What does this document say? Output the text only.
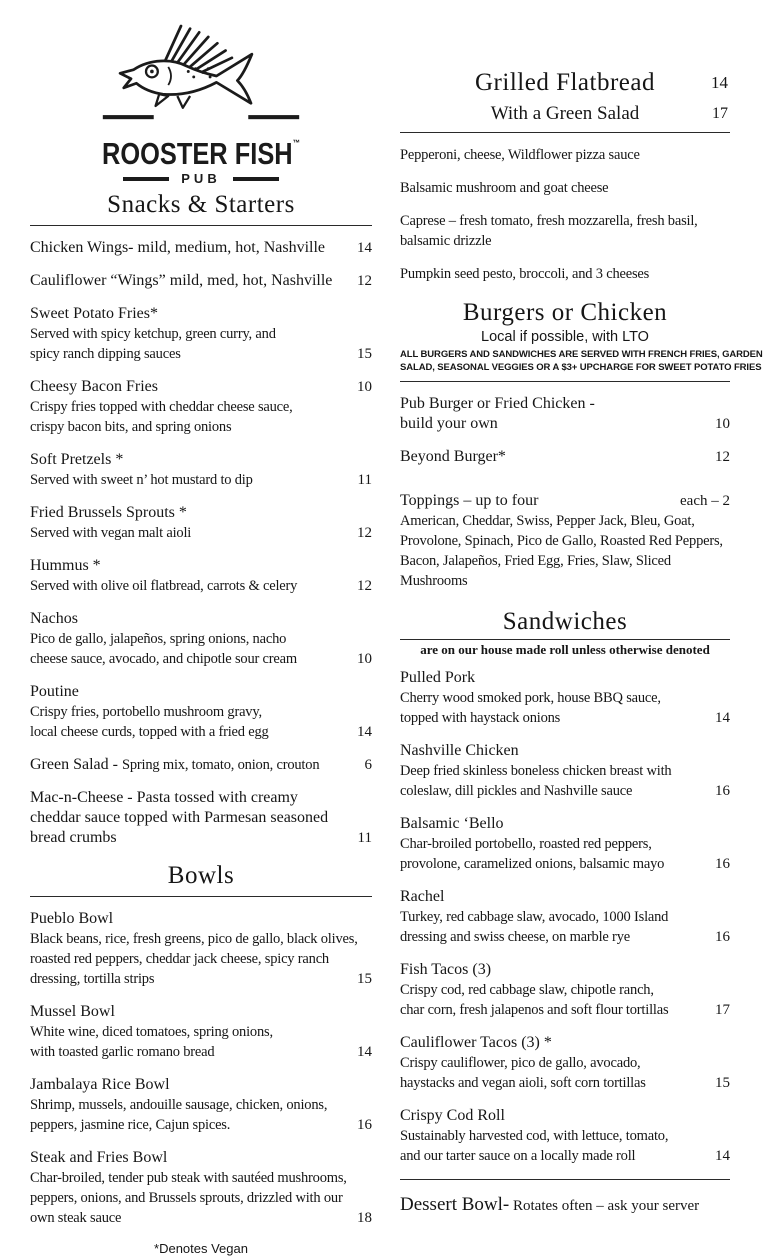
ROOSTER FISH™
PUB
Snacks & Starters
Chicken Wings- mild, medium, hot, Nashville	14
Cauliflower “Wings” mild, med, hot, Nashville	12
Sweet Potato Fries*
Served with spicy ketchup, green curry, and
spicy ranch dipping sauces	15
Cheesy Bacon Fries	10
Crispy fries topped with cheddar cheese sauce,
crispy bacon bits, and spring onions
Soft Pretzels *
Served with sweet n’ hot mustard to dip	11
Fried Brussels Sprouts *
Served with vegan malt aioli	12
Hummus *
Served with olive oil flatbread, carrots & celery	12
Nachos
Pico de gallo, jalapeños, spring onions, nacho
cheese sauce, avocado, and chipotle sour cream	10
Poutine
Crispy fries, portobello mushroom gravy,
local cheese curds, topped with a fried egg	14
Green Salad - Spring mix, tomato, onion, crouton	6
Mac-n-Cheese - Pasta tossed with creamy
cheddar sauce topped with Parmesan seasoned
bread crumbs	11
Bowls
Pueblo Bowl
Black beans, rice, fresh greens, pico de gallo, black olives,
roasted red peppers, cheddar jack cheese, spicy ranch
dressing, tortilla strips	15
Mussel Bowl
White wine, diced tomatoes, spring onions,
with toasted garlic romano bread	14
Jambalaya Rice Bowl
Shrimp, mussels, andouille sausage, chicken, onions,
peppers, jasmine rice, Cajun spices.	16
Steak and Fries Bowl
Char-broiled, tender pub steak with sautéed mushrooms,
peppers, onions, and Brussels sprouts, drizzled with our
own steak sauce	18
*Denotes Vegan
Grilled Flatbread	14
With a Green Salad	17
Pepperoni, cheese, Wildflower pizza sauce
Balsamic mushroom and goat cheese
Caprese – fresh tomato, fresh mozzarella, fresh basil,
balsamic drizzle
Pumpkin seed pesto, broccoli, and 3 cheeses
Burgers or Chicken
Local if possible, with LTO
ALL BURGERS AND SANDWICHES ARE SERVED WITH FRENCH FRIES, GARDEN
SALAD, SEASONAL VEGGIES OR A $3+ UPCHARGE FOR SWEET POTATO FRIES
Pub Burger or Fried Chicken -
build your own	10
Beyond Burger*	12
Toppings – up to four	each – 2
American, Cheddar, Swiss, Pepper Jack, Bleu, Goat,
Provolone, Spinach, Pico de Gallo, Roasted Red Peppers,
Bacon, Jalapeños, Fried Egg, Fries, Slaw, Sliced
Mushrooms
Sandwiches
are on our house made roll unless otherwise denoted
Pulled Pork
Cherry wood smoked pork, house BBQ sauce,
topped with haystack onions	14
Nashville Chicken
Deep fried skinless boneless chicken breast with
coleslaw, dill pickles and Nashville sauce	16
Balsamic ‘Bello
Char-broiled portobello, roasted red peppers,
provolone, caramelized onions, balsamic mayo	16
Rachel
Turkey, red cabbage slaw, avocado, 1000 Island
dressing and swiss cheese, on marble rye	16
Fish Tacos (3)
Crispy cod, red cabbage slaw, chipotle ranch,
char corn, fresh jalapenos and soft flour tortillas	17
Cauliflower Tacos (3) *
Crispy cauliflower, pico de gallo, avocado,
haystacks and vegan aioli, soft corn tortillas	15
Crispy Cod Roll
Sustainably harvested cod, with lettuce, tomato,
and our tarter sauce on a locally made roll	14
Dessert Bowl- Rotates often – ask your server
